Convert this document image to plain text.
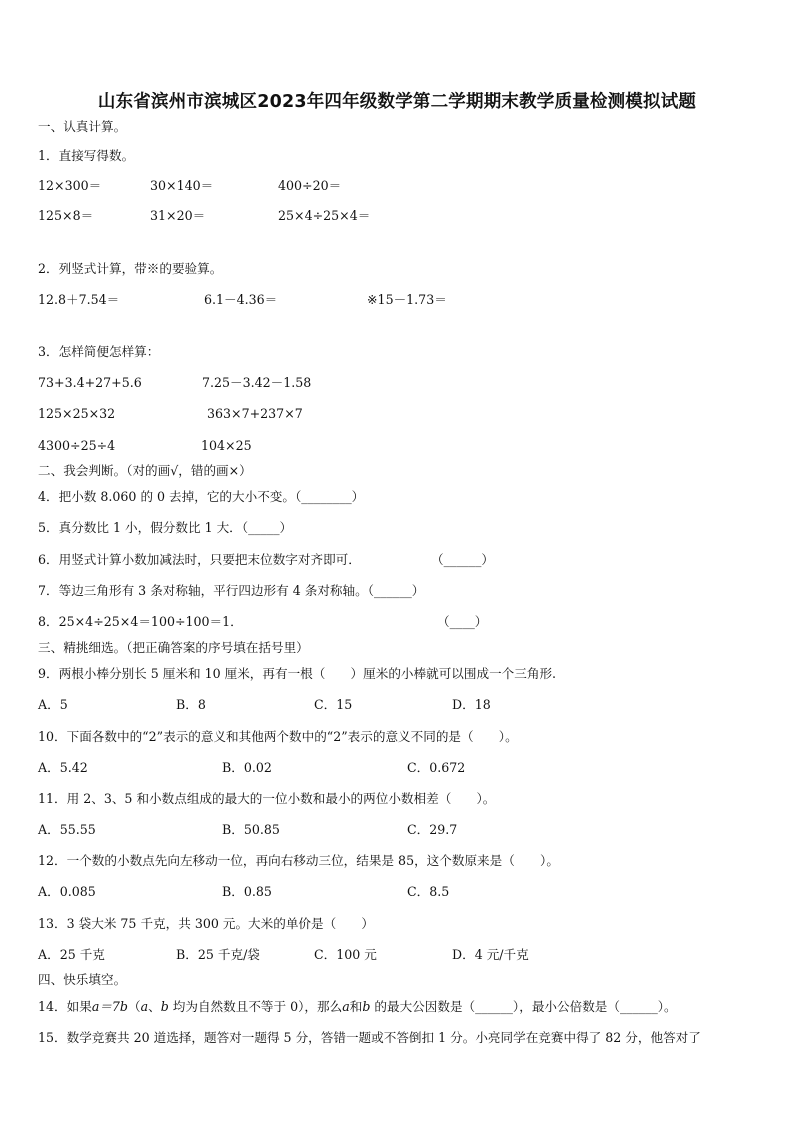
山东省滨州市滨城区2023年四年级数学第二学期期末教学质量检测模拟试题
一、认真计算。
1．直接写得数。
12×300＝	30×140＝	400÷20＝
125×8＝	31×20＝	25×4÷25×4＝
2．列竖式计算，带※的要验算。
12.8＋7.54＝	6.1－4.36＝	※15－1.73＝
3．怎样简便怎样算：
73+3.4+27+5.6	7.25－3.42－1.58
125×25×32	363×7+237×7
4300÷25÷4	104×25
二、我会判断。（对的画√，错的画×）
4．把小数 8.060 的 0 去掉，它的大小不变。（________）
5．真分数比 1 小，假分数比 1 大．（_____）
6．用竖式计算小数加减法时，只要把末位数字对齐即可．	（______）
7．等边三角形有 3 条对称轴，平行四边形有 4 条对称轴。（______）
8．25×4÷25×4＝100÷100＝1．	（____）
三、精挑细选。（把正确答案的序号填在括号里）
9．两根小棒分别长 5 厘米和 10 厘米，再有一根（　　）厘米的小棒就可以围成一个三角形.
A．5	B．8	C．15	D．18
10．下面各数中的“2”表示的意义和其他两个数中的“2”表示的意义不同的是（　　）。
A．5.42	B．0.02	C．0.672
11．用 2、3、5 和小数点组成的最大的一位小数和最小的两位小数相差（　　）。
A．55.55	B．50.85	C．29.7
12．一个数的小数点先向左移动一位，再向右移动三位，结果是 85，这个数原来是（　　）。
A．0.085	B．0.85	C．8.5
13．3 袋大米 75 千克，共 300 元。大米的单价是（　　）
A．25 千克	B．25 千克/袋	C．100 元	D．4 元/千克
四、快乐填空。
14．如果a＝7b（a、b 均为自然数且不等于 0），那么a和b 的最大公因数是（______），最小公倍数是（______）。
15．数学竞赛共 20 道选择，题答对一题得 5 分，答错一题或不答倒扣 1 分。小亮同学在竞赛中得了 82 分，他答对了
